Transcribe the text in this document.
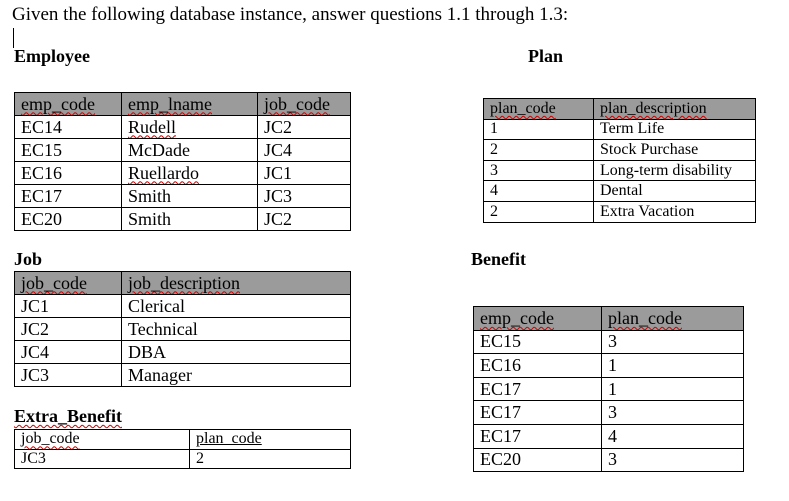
Given the following database instance, answer questions 1.1 through 1.3:
Employee
emp_code	emp_lname	job_code
EC14	Rudell	JC2
EC15	McDade	JC4
EC16	Ruellardo	JC1
EC17	Smith	JC3
EC20	Smith	JC2
Plan
plan_code	plan_description
1	Term Life
2	Stock Purchase
3	Long-term disability
4	Dental
2	Extra Vacation
Job
job_code	job_description
JC1	Clerical
JC2	Technical
JC4	DBA
JC3	Manager
Benefit
emp_code	plan_code
EC15	3
EC16	1
EC17	1
EC17	3
EC17	4
EC20	3
Extra_Benefit
job_code	plan_code
JC3	2
